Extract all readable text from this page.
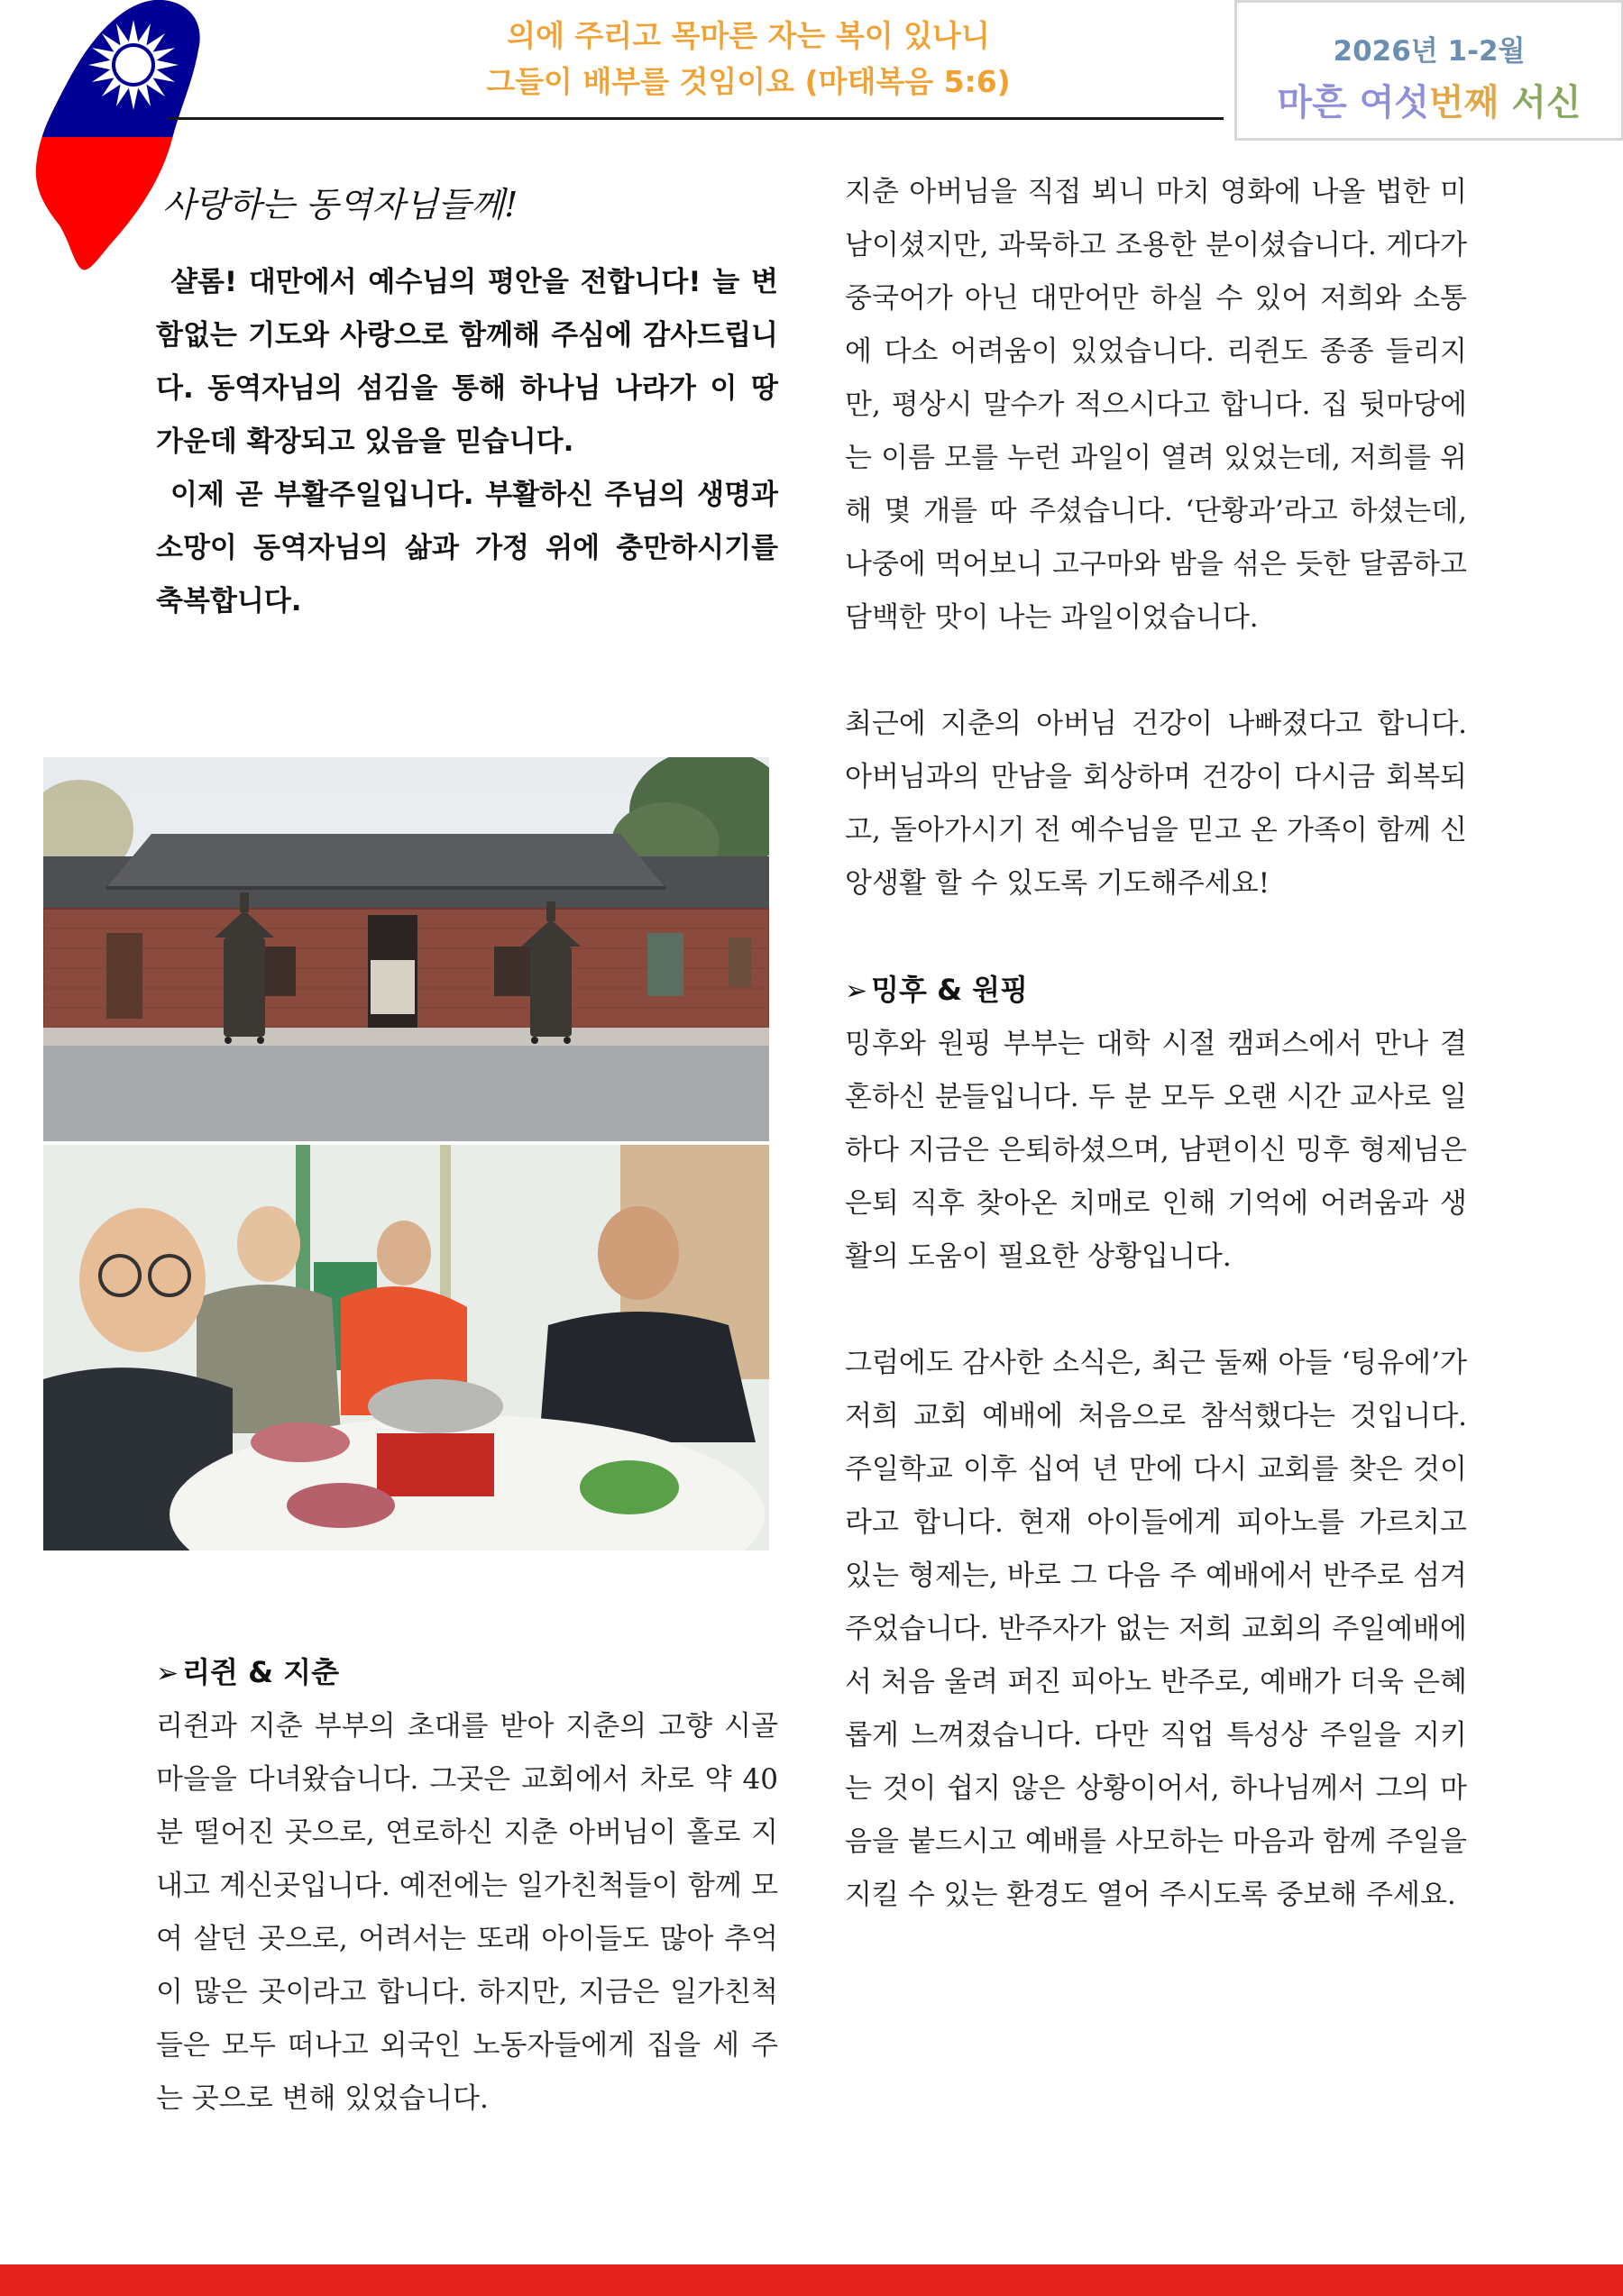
의에 주리고 목마른 자는 복이 있나니
그들이 배부를 것임이요 (마태복음 5:6)
2026년 1-2월
마흔 여섯번째 서신
사랑하는 동역자님들께!

샬롬! 대만에서 예수님의 평안을 전합니다! 늘 변함없는 기도와 사랑으로 함께해 주심에 감사드립니다. 동역자님의 섬김을 통해 하나님 나라가 이 땅 가운데 확장되고 있음을 믿습니다.

이제 곧 부활주일입니다. 부활하신 주님의 생명과 소망이 동역자님의 삶과 가정 위에 충만하시기를 축복합니다.

➢ 리쥔 & 지춘

리쥔과 지춘 부부의 초대를 받아 지춘의 고향 시골 마을을 다녀왔습니다. 그곳은 교회에서 차로 약 40분 떨어진 곳으로, 연로하신 지춘 아버님이 홀로 지내고 계신곳입니다. 예전에는 일가친척들이 함께 모여 살던 곳으로, 어려서는 또래 아이들도 많아 추억이 많은 곳이라고 합니다. 하지만, 지금은 일가친척들은 모두 떠나고 외국인 노동자들에게 집을 세 주는 곳으로 변해 있었습니다.

지춘 아버님을 직접 뵈니 마치 영화에 나올 법한 미남이셨지만, 과묵하고 조용한 분이셨습니다. 게다가 중국어가 아닌 대만어만 하실 수 있어 저희와 소통에 다소 어려움이 있었습니다. 리쥔도 종종 들리지만, 평상시 말수가 적으시다고 합니다. 집 뒷마당에는 이름 모를 누런 과일이 열려 있었는데, 저희를 위해 몇 개를 따 주셨습니다. ‘단황과’라고 하셨는데, 나중에 먹어보니 고구마와 밤을 섞은 듯한 달콤하고 담백한 맛이 나는 과일이었습니다.

최근에 지춘의 아버님 건강이 나빠졌다고 합니다. 아버님과의 만남을 회상하며 건강이 다시금 회복되고, 돌아가시기 전 예수님을 믿고 온 가족이 함께 신앙생활 할 수 있도록 기도해주세요!

➢ 밍후 & 원핑

밍후와 원핑 부부는 대학 시절 캠퍼스에서 만나 결혼하신 분들입니다. 두 분 모두 오랜 시간 교사로 일하다 지금은 은퇴하셨으며, 남편이신 밍후 형제님은 은퇴 직후 찾아온 치매로 인해 기억에 어려움과 생활의 도움이 필요한 상황입니다.

그럼에도 감사한 소식은, 최근 둘째 아들 ‘팅유에’가 저희 교회 예배에 처음으로 참석했다는 것입니다. 주일학교 이후 십여 년 만에 다시 교회를 찾은 것이라고 합니다. 현재 아이들에게 피아노를 가르치고 있는 형제는, 바로 그 다음 주 예배에서 반주로 섬겨 주었습니다. 반주자가 없는 저희 교회의 주일예배에서 처음 울려 퍼진 피아노 반주로, 예배가 더욱 은혜롭게 느껴졌습니다. 다만 직업 특성상 주일을 지키는 것이 쉽지 않은 상황이어서, 하나님께서 그의 마음을 붙드시고 예배를 사모하는 마음과 함께 주일을 지킬 수 있는 환경도 열어 주시도록 중보해 주세요.
